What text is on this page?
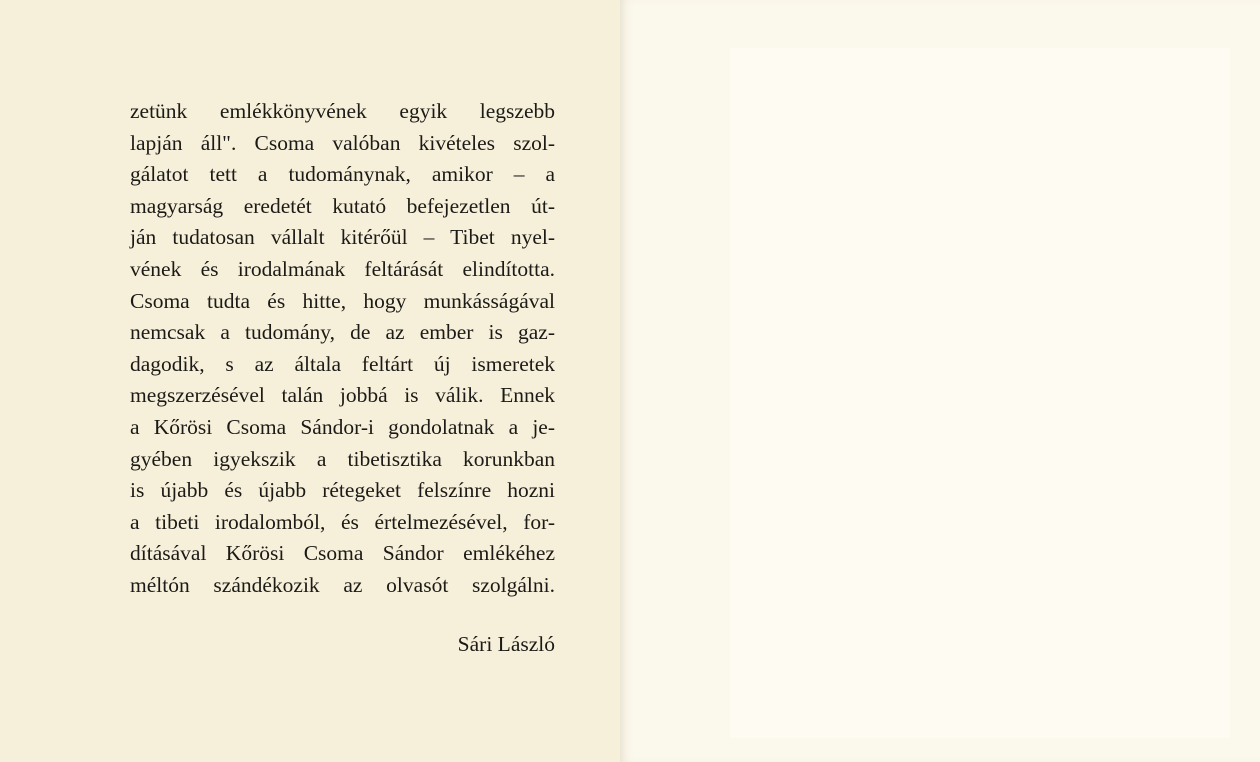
zetünk emlékkönyvének egyik legszebb
lapján áll". Csoma valóban kivételes szol-
gálatot tett a tudománynak, amikor – a
magyarság eredetét kutató befejezetlen út-
ján tudatosan vállalt kitérőül – Tibet nyel-
vének és irodalmának feltárását elindította.
Csoma tudta és hitte, hogy munkásságával
nemcsak a tudomány, de az ember is gaz-
dagodik, s az általa feltárt új ismeretek
megszerzésével talán jobbá is válik. Ennek
a Kőrösi Csoma Sándor-i gondolatnak a je-
gyében igyekszik a tibetisztika korunkban
is újabb és újabb rétegeket felszínre hozni
a tibeti irodalomból, és értelmezésével, for-
dításával Kőrösi Csoma Sándor emlékéhez
méltón szándékozik az olvasót szolgálni.
Sári László
